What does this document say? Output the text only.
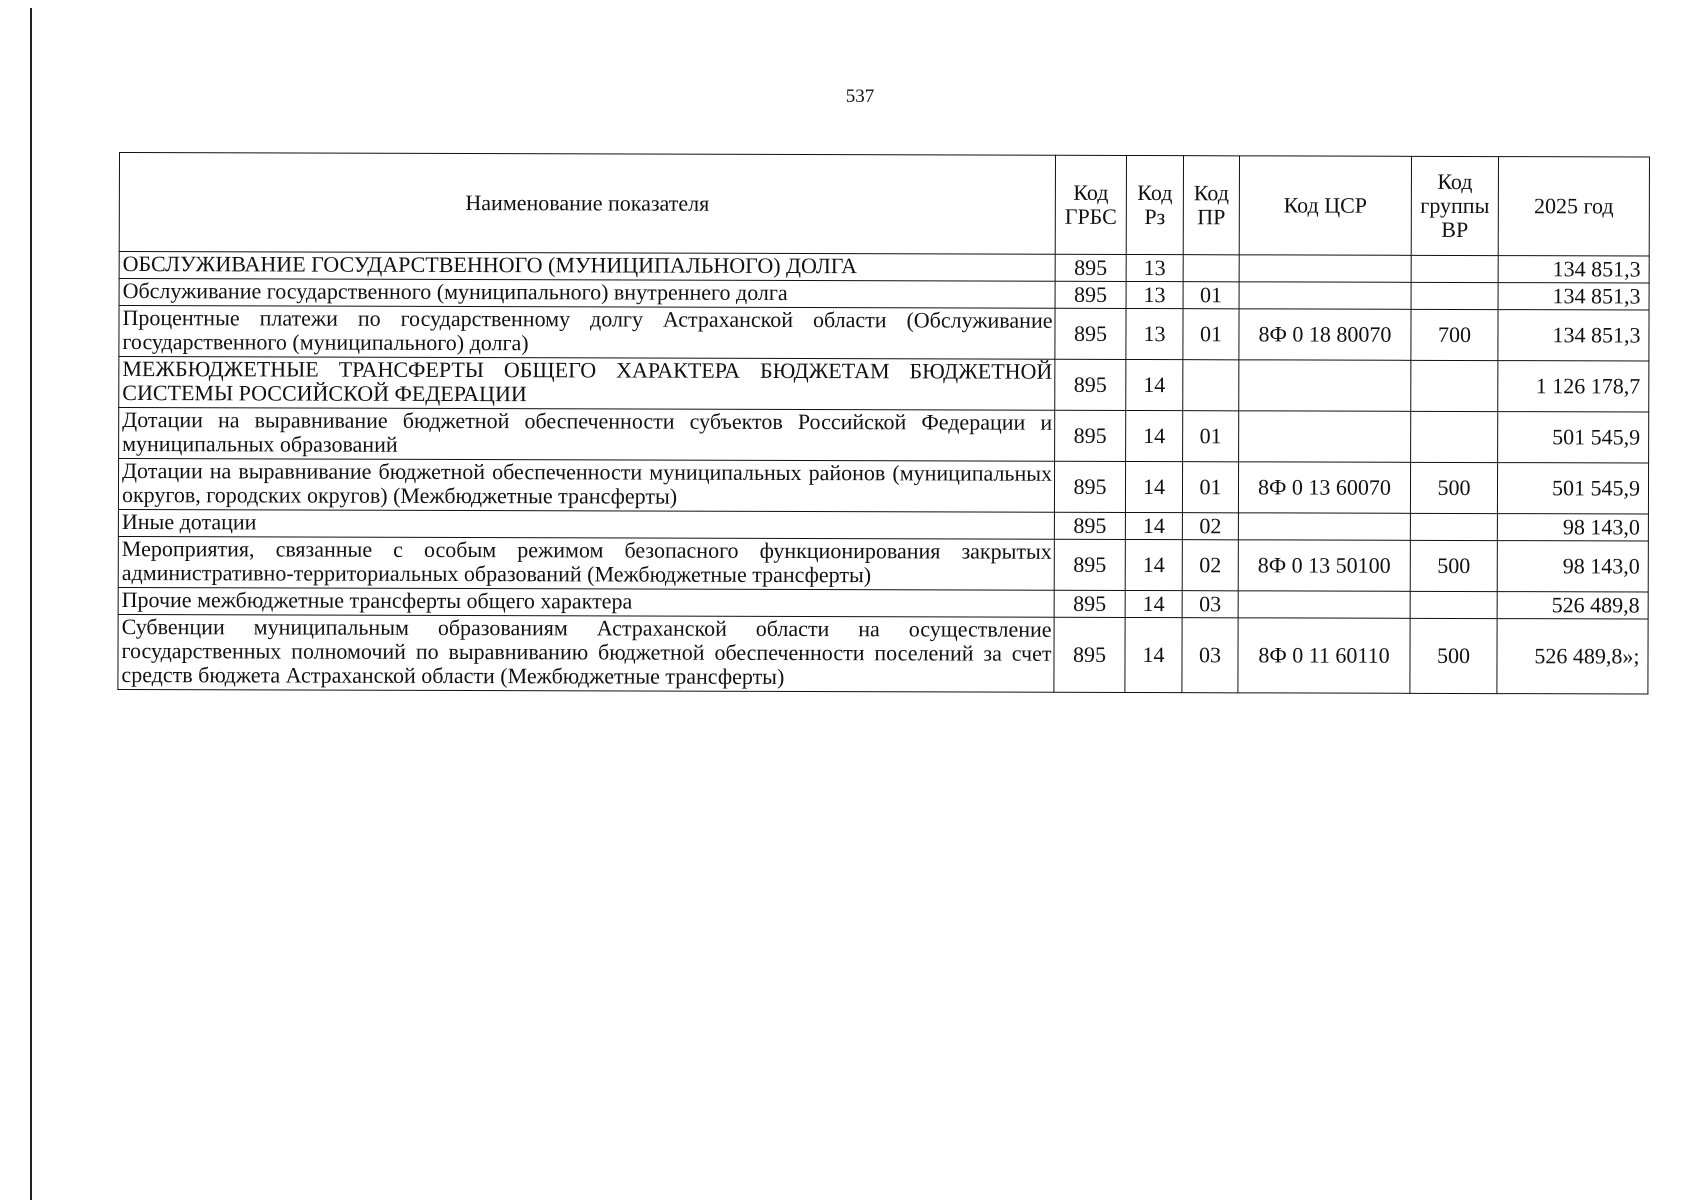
537
Наименование показателя	Код ГРБС	Код Рз	Код ПР	Код ЦСР	Код группы ВР	2025 год
ОБСЛУЖИВАНИЕ ГОСУДАРСТВЕННОГО (МУНИЦИПАЛЬНОГО) ДОЛГА	895	13				134 851,3
Обслуживание государственного (муниципального) внутреннего долга	895	13	01			134 851,3
Процентные платежи по государственному долгу Астраханской области (Обслуживание государственного (муниципального) долга)	895	13	01	8Ф 0 18 80070	700	134 851,3
МЕЖБЮДЖЕТНЫЕ ТРАНСФЕРТЫ ОБЩЕГО ХАРАКТЕРА БЮДЖЕТАМ БЮДЖЕТНОЙ СИСТЕМЫ РОССИЙСКОЙ ФЕДЕРАЦИИ	895	14				1 126 178,7
Дотации на выравнивание бюджетной обеспеченности субъектов Российской Федерации и муниципальных образований	895	14	01			501 545,9
Дотации на выравнивание бюджетной обеспеченности муниципальных районов (муниципальных округов, городских округов) (Межбюджетные трансферты)	895	14	01	8Ф 0 13 60070	500	501 545,9
Иные дотации	895	14	02			98 143,0
Мероприятия, связанные с особым режимом безопасного функционирования закрытых административно-территориальных образований (Межбюджетные трансферты)	895	14	02	8Ф 0 13 50100	500	98 143,0
Прочие межбюджетные трансферты общего характера	895	14	03			526 489,8
Субвенции муниципальным образованиям Астраханской области на осуществление государственных полномочий по выравниванию бюджетной обеспеченности поселений за счет средств бюджета Астраханской области (Межбюджетные трансферты)	895	14	03	8Ф 0 11 60110	500	526 489,8»;
